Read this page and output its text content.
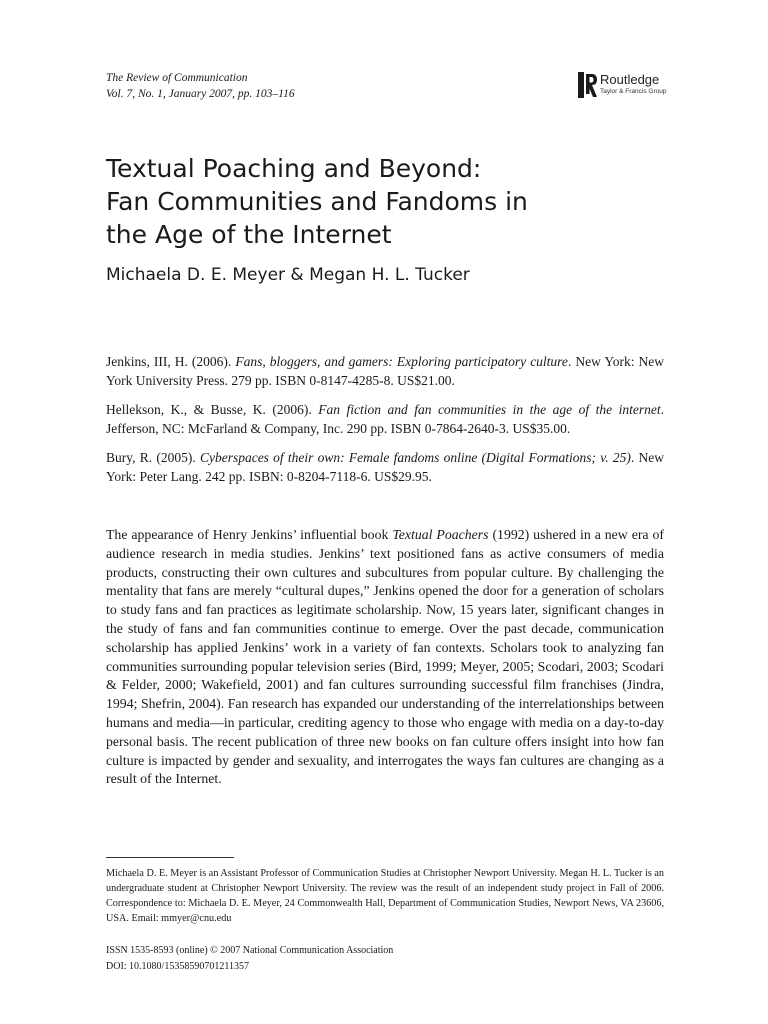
The Review of Communication
Vol. 7, No. 1, January 2007, pp. 103–116
Routledge
Taylor & Francis Group
Textual Poaching and Beyond:
Fan Communities and Fandoms in
the Age of the Internet
Michaela D. E. Meyer & Megan H. L. Tucker

Jenkins, III, H. (2006). Fans, bloggers, and gamers: Exploring participatory culture. New York: New York University Press. 279 pp. ISBN 0-8147-4285-8. US$21.00.

Hellekson, K., & Busse, K. (2006). Fan fiction and fan communities in the age of the internet. Jefferson, NC: McFarland & Company, Inc. 290 pp. ISBN 0-7864-2640-3. US$35.00.

Bury, R. (2005). Cyberspaces of their own: Female fandoms online (Digital Formations; v. 25). New York: Peter Lang. 242 pp. ISBN: 0-8204-7118-6. US$29.95.

The appearance of Henry Jenkins’ influential book Textual Poachers (1992) ushered in a new era of audience research in media studies. Jenkins’ text positioned fans as active consumers of media products, constructing their own cultures and subcultures from popular culture. By challenging the mentality that fans are merely “cultural dupes,” Jenkins opened the door for a generation of scholars to study fans and fan practices as legitimate scholarship. Now, 15 years later, significant changes in the study of fans and fan communities continue to emerge. Over the past decade, communication scholarship has applied Jenkins’ work in a variety of fan contexts. Scholars took to analyzing fan communities surrounding popular television series (Bird, 1999; Meyer, 2005; Scodari, 2003; Scodari & Felder, 2000; Wakefield, 2001) and fan cultures surrounding successful film franchises (Jindra, 1994; Shefrin, 2004). Fan research has expanded our understanding of the interrelationships between humans and media—in particular, crediting agency to those who engage with media on a day-to-day personal basis. The recent publication of three new books on fan culture offers insight into how fan culture is impacted by gender and sexuality, and interrogates the ways fan cultures are changing as a result of the Internet.

Michaela D. E. Meyer is an Assistant Professor of Communication Studies at Christopher Newport University. Megan H. L. Tucker is an undergraduate student at Christopher Newport University. The review was the result of an independent study project in Fall of 2006. Correspondence to: Michaela D. E. Meyer, 24 Commonwealth Hall, Department of Communication Studies, Newport News, VA 23606, USA. Email: mmyer@cnu.edu

ISSN 1535-8593 (online) © 2007 National Communication Association
DOI: 10.1080/15358590701211357
